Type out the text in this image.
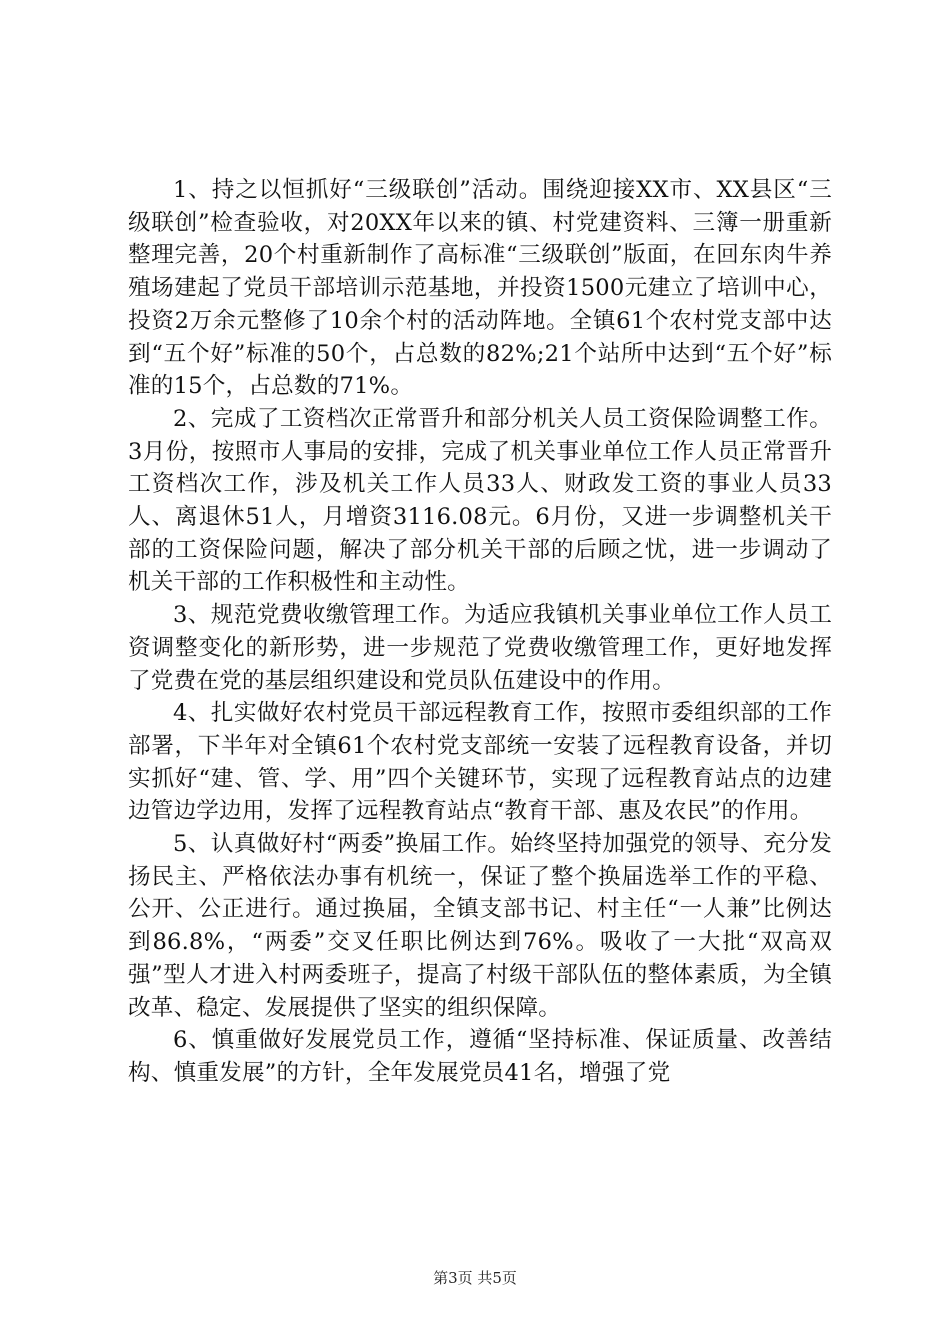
1、持之以恒抓好“三级联创”活动。围绕迎接XX市、XX县区“三级联创”检查验收，对20XX年以来的镇、村党建资料、三簿一册重新整理完善，20个村重新制作了高标准“三级联创”版面，在回东肉牛养殖场建起了党员干部培训示范基地，并投资1500元建立了培训中心，投资2万余元整修了10余个村的活动阵地。全镇61个农村党支部中达到“五个好”标准的50个，占总数的82%;21个站所中达到“五个好”标准的15个，占总数的71%。

2、完成了工资档次正常晋升和部分机关人员工资保险调整工作。3月份，按照市人事局的安排，完成了机关事业单位工作人员正常晋升工资档次工作，涉及机关工作人员33人、财政发工资的事业人员33人、离退休51人，月增资3116.08元。6月份，又进一步调整机关干部的工资保险问题，解决了部分机关干部的后顾之忧，进一步调动了机关干部的工作积极性和主动性。

3、规范党费收缴管理工作。为适应我镇机关事业单位工作人员工资调整变化的新形势，进一步规范了党费收缴管理工作，更好地发挥了党费在党的基层组织建设和党员队伍建设中的作用。

4、扎实做好农村党员干部远程教育工作，按照市委组织部的工作部署，下半年对全镇61个农村党支部统一安装了远程教育设备，并切实抓好“建、管、学、用”四个关键环节，实现了远程教育站点的边建边管边学边用，发挥了远程教育站点“教育干部、惠及农民”的作用。

5、认真做好村“两委”换届工作。始终坚持加强党的领导、充分发扬民主、严格依法办事有机统一，保证了整个换届选举工作的平稳、公开、公正进行。通过换届，全镇支部书记、村主任“一人兼”比例达到86.8%，“两委”交叉任职比例达到76%。吸收了一大批“双高双强”型人才进入村两委班子，提高了村级干部队伍的整体素质，为全镇改革、稳定、发展提供了坚实的组织保障。

6、慎重做好发展党员工作，遵循“坚持标准、保证质量、改善结构、慎重发展”的方针，全年发展党员41名，增强了党

第3页 共5页
